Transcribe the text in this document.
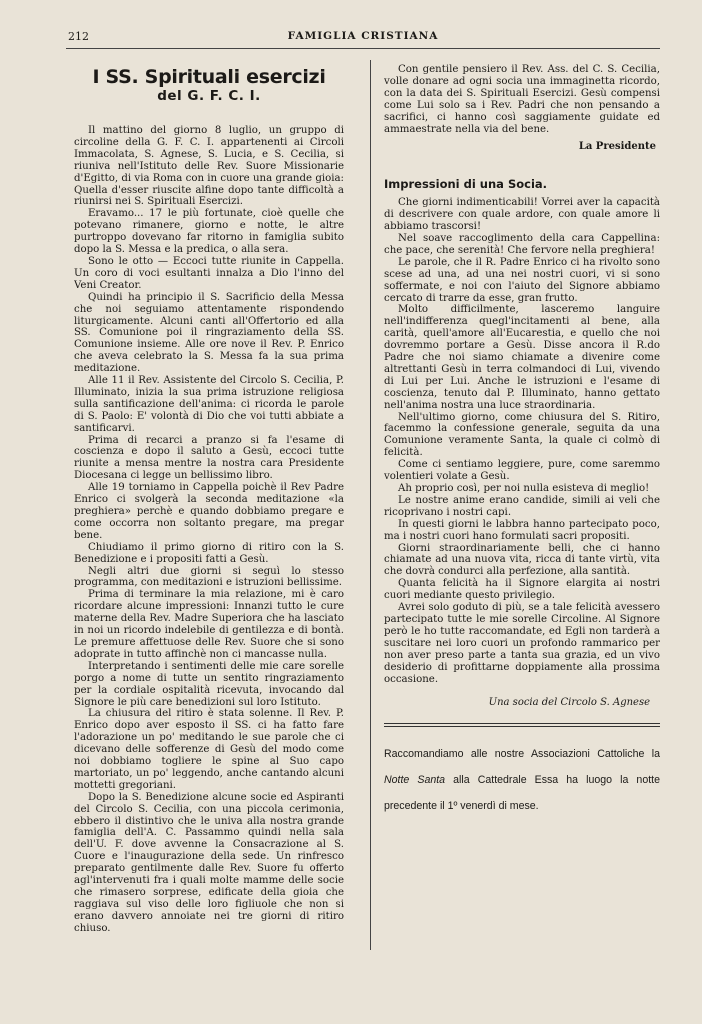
212	FAMIGLIA CRISTIANA
I SS. Spirituali esercizi
del G. F. C. I.

Il mattino del giorno 8 luglio, un gruppo di circoline della G. F. C. I. appartenenti ai Circoli Immacolata, S. Agnese, S. Lucia, e S. Cecilia, si riuniva nell'Istituto delle Rev. Suore Missionarie d'Egitto, di via Roma con in cuore una grande gioia: Quella d'esser riuscite alfine dopo tante difficoltà a riunirsi nei S. Spirituali Esercizi.

Eravamo... 17 le più fortunate, cioè quelle che potevano rimanere, giorno e notte, le altre purtroppo dovevano far ritorno in famiglia subito dopo la S. Messa e la predica, o alla sera.

Sono le otto — Eccoci tutte riunite in Cappella. Un coro di voci esultanti innalza a Dio l'inno del Veni Creator.

Quindi ha principio il S. Sacrificio della Messa che noi seguiamo attentamente rispondendo liturgicamente. Alcuni canti all'Offertorio ed alla SS. Comunione poi il ringraziamento della SS. Comunione insieme. Alle ore nove il Rev. P. Enrico che aveva celebrato la S. Messa fa la sua prima meditazione.

Alle 11 il Rev. Assistente del Circolo S. Cecilia, P. Illuminato, inizia la sua prima istruzione religiosa sulla santificazione dell'anima: ci ricorda le parole di S. Paolo: E' volontà di Dio che voi tutti abbiate a santificarvi.

Prima di recarci a pranzo si fa l'esame di coscienza e dopo il saluto a Gesù, eccoci tutte riunite a mensa mentre la nostra cara Presidente Diocesana ci legge un bellissimo libro.

Alle 19 torniamo in Cappella poichè il Rev Padre Enrico ci svolgerà la seconda meditazione «la preghiera» perchè e quando dobbiamo pregare e come occorra non soltanto pregare, ma pregar bene.

Chiudiamo il primo giorno di ritiro con la S. Benedizione e i propositi fatti a Gesù.

Negli altri due giorni si seguì lo stesso programma, con meditazioni e istruzioni bellissime.

Prima di terminare la mia relazione, mi è caro ricordare alcune impressioni: Innanzi tutto le cure materne della Rev. Madre Superiora che ha lasciato in noi un ricordo indelebile di gentilezza e di bontà. Le premure affettuose delle Rev. Suore che si sono adoprate in tutto affinchè non ci mancasse nulla.

Interpretando i sentimenti delle mie care sorelle porgo a nome di tutte un sentito ringraziamento per la cordiale ospitalità ricevuta, invocando dal Signore le più care benedizioni sul loro Istituto.

La chiusura del ritiro è stata solenne. Il Rev. P. Enrico dopo aver esposto il SS. ci ha fatto fare l'adorazione un po' meditando le sue parole che ci dicevano delle sofferenze di Gesù del modo come noi dobbiamo togliere le spine al Suo capo martoriato, un po' leggendo, anche cantando alcuni mottetti gregoriani.

Dopo la S. Benedizione alcune socie ed Aspiranti del Circolo S. Cecilia, con una piccola cerimonia, ebbero il distintivo che le univa alla nostra grande famiglia dell'A. C. Passammo quindi nella sala dell'U. F. dove avvenne la Consacrazione al S. Cuore e l'inaugurazione della sede. Un rinfresco preparato gentilmente dalle Rev. Suore fu offerto agl'intervenuti fra i quali molte mamme delle socie che rimasero sorprese, edificate della gioia che raggiava sul viso delle loro figliuole che non si erano davvero annoiate nei tre giorni di ritiro chiuso.

Con gentile pensiero il Rev. Ass. del C. S. Cecilia, volle donare ad ogni socia una immaginetta ricordo, con la data dei S. Spirituali Esercizi. Gesù compensi come Lui solo sa i Rev. Padri che non pensando a sacrifici, ci hanno così saggiamente guidate ed ammaestrate nella via del bene.

La Presidente
Impressioni di una Socia.

Che giorni indimenticabili! Vorrei aver la capacità di descrivere con quale ardore, con quale amore li abbiamo trascorsi!

Nel soave raccoglimento della cara Cappellina: che pace, che serenità! Che fervore nella preghiera!

Le parole, che il R. Padre Enrico ci ha rivolto sono scese ad una, ad una nei nostri cuori, vi si sono soffermate, e noi con l'aiuto del Signore abbiamo cercato di trarre da esse, gran frutto.

Molto difficilmente, lasceremo languire nell'indifferenza quegl'incitamenti al bene, alla carità, quell'amore all'Eucarestia, e quello che noi dovremmo portare a Gesù. Disse ancora il R.do Padre che noi siamo chiamate a divenire come altrettanti Gesù in terra colmandoci di Lui, vivendo di Lui per Lui. Anche le istruzioni e l'esame di coscienza, tenuto dal P. Illuminato, hanno gettato nell'anima nostra una luce straordinaria.

Nell'ultimo giorno, come chiusura del S. Ritiro, facemmo la confessione generale, seguita da una Comunione veramente Santa, la quale ci colmò di felicità.

Come ci sentiamo leggiere, pure, come saremmo volentieri volate a Gesù.

Ah proprio così, per noi nulla esisteva di meglio!

Le nostre anime erano candide, simili ai veli che ricoprivano i nostri capi.

In questi giorni le labbra hanno partecipato poco, ma i nostri cuori hano formulati sacri propositi.

Giorni straordinariamente belli, che ci hanno chiamate ad una nuova vita, ricca di tante virtù, vita che dovrà condurci alla perfezione, alla santità.

Quanta felicità ha il Signore elargita ai nostri cuori mediante questo privilegio.

Avrei solo goduto di più, se a tale felicità avessero partecipato tutte le mie sorelle Circoline. Al Signore però le ho tutte raccomandate, ed Egli non tarderà a suscitare nei loro cuori un profondo rammarico per non aver preso parte a tanta sua grazia, ed un vivo desiderio di profittarne doppiamente alla prossima occasione.

Una socia del Circolo S. Agnese
Raccomandiamo alle nostre Associazioni Cattoliche la Notte Santa alla Cattedrale Essa ha luogo la notte precedente il 1º venerdì di mese.
